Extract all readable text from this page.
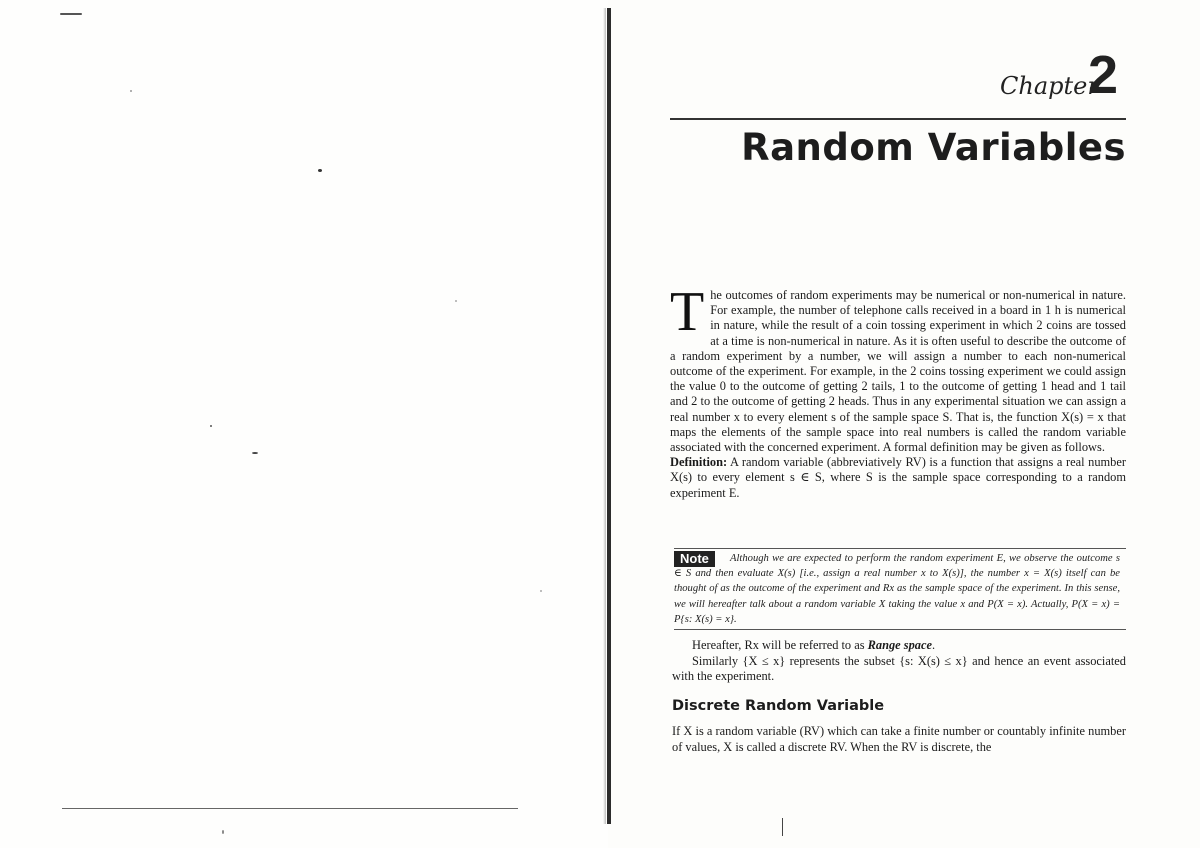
Chapter
2
Random Variables

The outcomes of random experiments may be numerical or non-numerical in nature. For example, the number of telephone calls received in a board in 1 h is numerical in nature, while the result of a coin tossing experiment in which 2 coins are tossed at a time is non-numerical in nature. As it is often useful to describe the outcome of a random experiment by a number, we will assign a number to each non-numerical outcome of the experiment. For example, in the 2 coins tossing experiment we could assign the value 0 to the outcome of getting 2 tails, 1 to the outcome of getting 1 head and 1 tail and 2 to the outcome of getting 2 heads. Thus in any experimental situation we can assign a real number x to every element s of the sample space S. That is, the function X(s) = x that maps the elements of the sample space into real numbers is called the random variable associated with the concerned experiment. A formal definition may be given as follows.

Definition: A random variable (abbreviatively RV) is a function that assigns a real number X(s) to every element s ∈ S, where S is the sample space corresponding to a random experiment E.

Although we are expected to perform the random experiment E, we observe the outcome s ∈ S and then evaluate X(s) [i.e., assign a real number x to X(s)], the number x = X(s) itself can be thought of as the outcome of the experiment and Rx as the sample space of the experiment. In this sense, we will hereafter talk about a random variable X taking the value x and P(X = x). Actually, P(X = x) = P{s: X(s) = x}.
Note

Hereafter, Rx will be referred to as Range space.

Similarly {X ≤ x} represents the subset {s: X(s) ≤ x} and hence an event associated with the experiment.

Discrete Random Variable

If X is a random variable (RV) which can take a finite number or countably infinite number of values, X is called a discrete RV. When the RV is discrete, the
